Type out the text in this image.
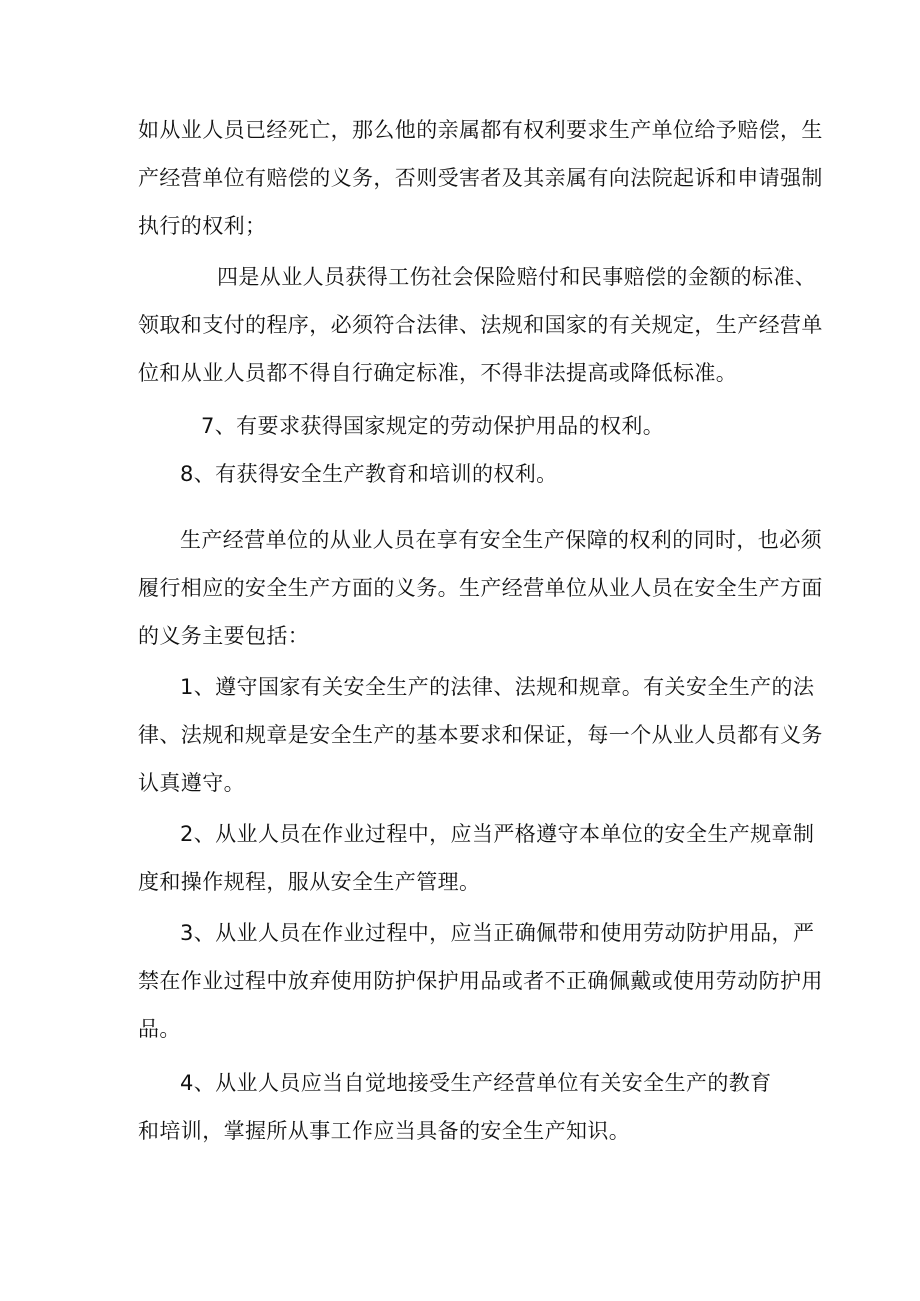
如从业人员已经死亡，那么他的亲属都有权利要求生产单位给予赔偿，生
产经营单位有赔偿的义务，否则受害者及其亲属有向法院起诉和申请强制
执行的权利；
四是从业人员获得工伤社会保险赔付和民事赔偿的金额的标准、
领取和支付的程序，必须符合法律、法规和国家的有关规定，生产经营单
位和从业人员都不得自行确定标准，不得非法提高或降低标准。
7、有要求获得国家规定的劳动保护用品的权利。
8、有获得安全生产教育和培训的权利。
生产经营单位的从业人员在享有安全生产保障的权利的同时，也必须
履行相应的安全生产方面的义务。生产经营单位从业人员在安全生产方面
的义务主要包括：
1、遵守国家有关安全生产的法律、法规和规章。有关安全生产的法
律、法规和规章是安全生产的基本要求和保证，每一个从业人员都有义务
认真遵守。
2、从业人员在作业过程中，应当严格遵守本单位的安全生产规章制
度和操作规程，服从安全生产管理。
3、从业人员在作业过程中，应当正确佩带和使用劳动防护用品，严
禁在作业过程中放弃使用防护保护用品或者不正确佩戴或使用劳动防护用
品。
4、从业人员应当自觉地接受生产经营单位有关安全生产的教育
和培训，掌握所从事工作应当具备的安全生产知识。
